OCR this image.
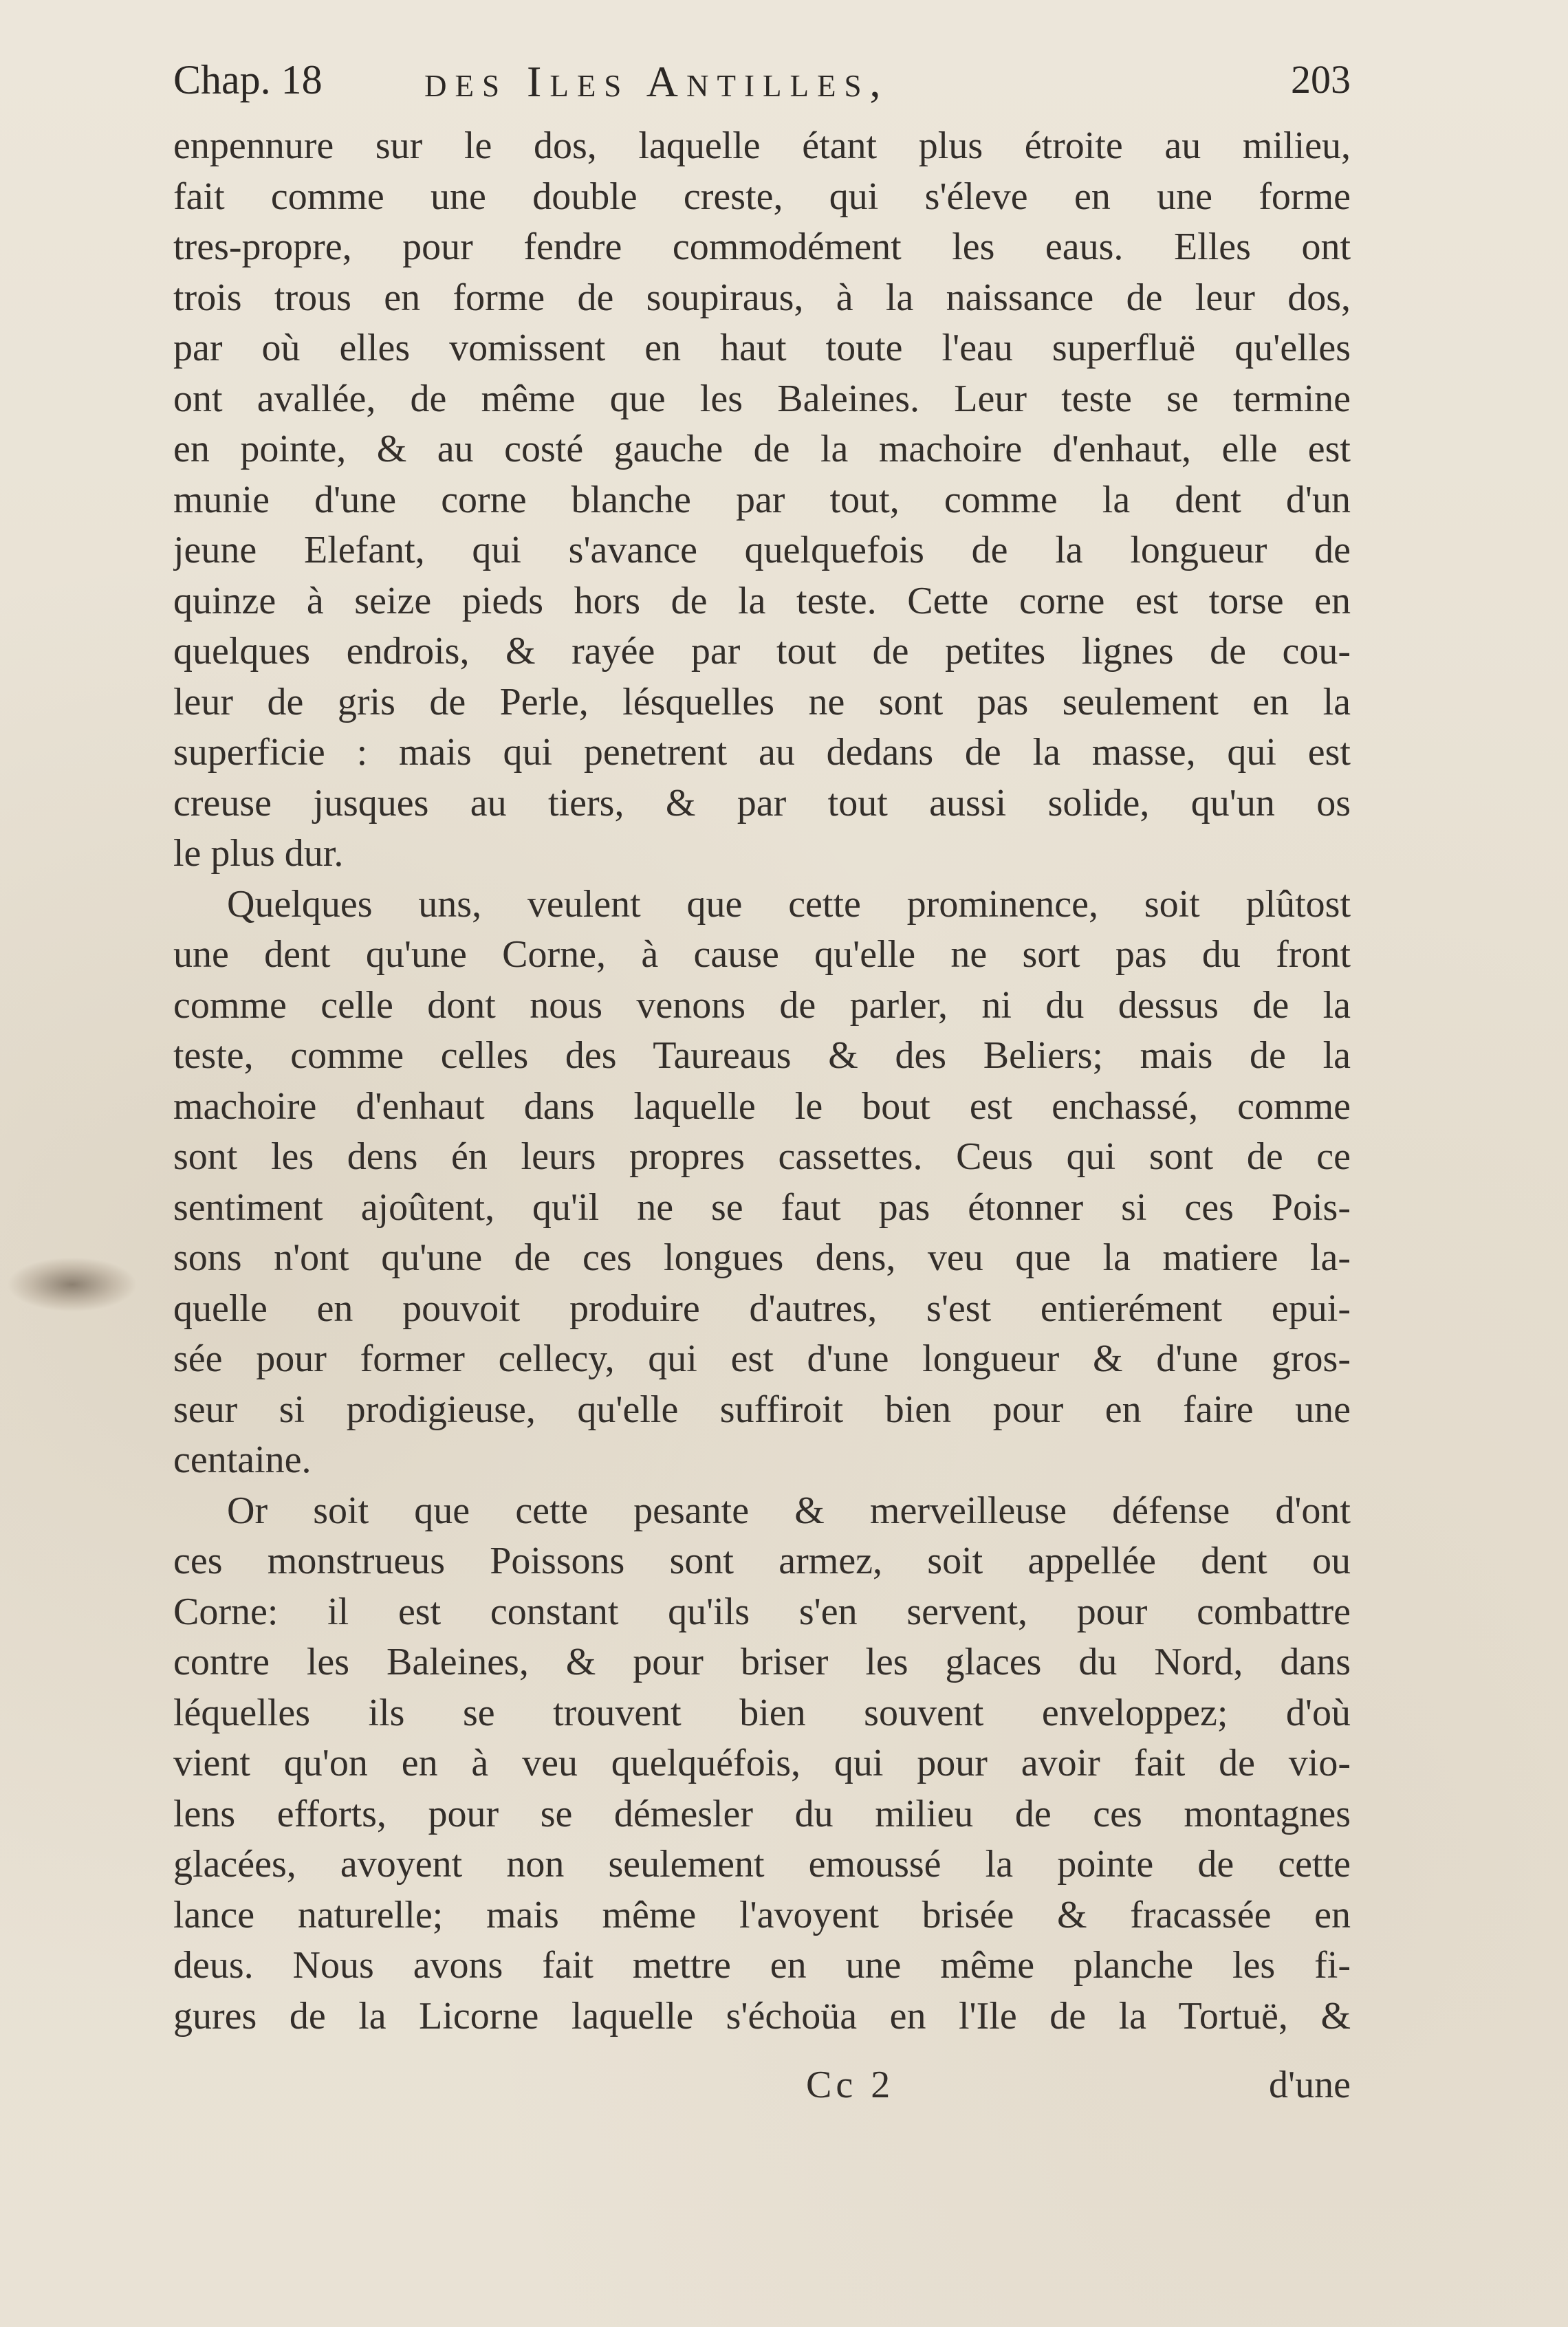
Chap. 18 des Iles Antilles,	203
enpennure sur le dos, laquelle étant plus étroite au milieu,
fait comme une double creste, qui s'éleve en une forme
tres-propre, pour fendre commodément les eaus. Elles ont
trois trous en forme de soupiraus, à la naissance de leur dos,
par où elles vomissent en haut toute l'eau superfluë qu'elles
ont avallée, de même que les Baleines. Leur teste se termine
en pointe, & au costé gauche de la machoire d'enhaut, elle est
munie d'une corne blanche par tout, comme la dent d'un
jeune Elefant, qui s'avance quelquefois de la longueur de
quinze à seize pieds hors de la teste. Cette corne est torse en
quelques endrois, & rayée par tout de petites lignes de cou-
leur de gris de Perle, lésquelles ne sont pas seulement en la
superficie : mais qui penetrent au dedans de la masse, qui est
creuse jusques au tiers, & par tout aussi solide, qu'un os
le plus dur.
Quelques uns, veulent que cette prominence, soit plûtost
une dent qu'une Corne, à cause qu'elle ne sort pas du front
comme celle dont nous venons de parler, ni du dessus de la
teste, comme celles des Taureaus & des Beliers; mais de la
machoire d'enhaut dans laquelle le bout est enchassé, comme
sont les dens én leurs propres cassettes. Ceus qui sont de ce
sentiment ajoûtent, qu'il ne se faut pas étonner si ces Pois-
sons n'ont qu'une de ces longues dens, veu que la matiere la-
quelle en pouvoit produire d'autres, s'est entierément epui-
sée pour former cellecy, qui est d'une longueur & d'une gros-
seur si prodigieuse, qu'elle suffiroit bien pour en faire une
centaine.
Or soit que cette pesante & merveilleuse défense d'ont
ces monstrueus Poissons sont armez, soit appellée dent ou
Corne: il est constant qu'ils s'en servent, pour combattre
contre les Baleines, & pour briser les glaces du Nord, dans
léquelles ils se trouvent bien souvent enveloppez; d'où
vient qu'on en à veu quelquéfois, qui pour avoir fait de vio-
lens efforts, pour se démesler du milieu de ces montagnes
glacées, avoyent non seulement emoussé la pointe de cette
lance naturelle; mais même l'avoyent brisée & fracassée en
deus. Nous avons fait mettre en une même planche les fi-
gures de la Licorne laquelle s'échoüa en l'Ile de la Tortuë, &
Cc 2	d'une
